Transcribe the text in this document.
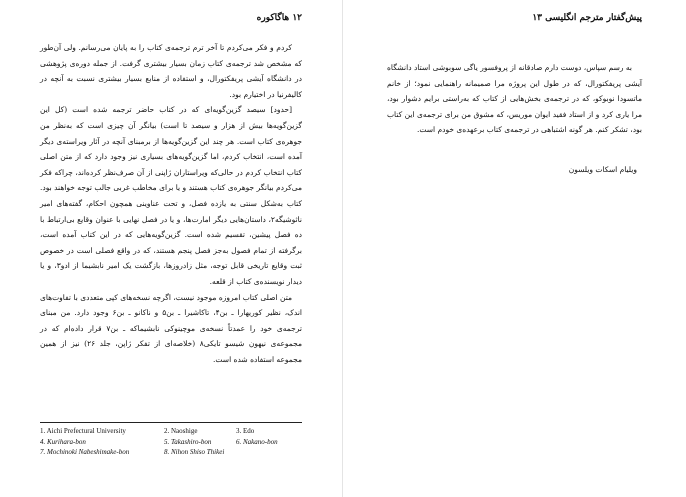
۱۲ هاگاکوره

کردم و فکر می‌کردم تا آخر ترم ترجمه‌ی کتاب را به پایان می‌رسانم. ولی آن‌طور که مشخص شد ترجمه‌ی کتاب زمان بسیار بیشتری گرفت. از جمله دوره‌ی پژوهشی در دانشگاه آیشی پریفکتورال، و استفاده از منابع بسیار بیشتری نسبت به آنچه در کالیفرنیا در اختیارم بود.

[حدود] سیصد گزین‌گویه‌ای که در کتاب حاضر ترجمه شده است (کل این گزین‌گویه‌ها بیش از هزار و سیصد تا است) بیانگر آن چیزی است که به‌نظر من جوهره‌ی کتاب است. هر چند این گزین‌گویه‌ها از برمبنای آنچه در آثار ویراسته‌ی دیگر آمده است، انتخاب کردم، اما گزین‌گویه‌های بسیاری نیز وجود دارد که از متن اصلی کتاب انتخاب کردم در حالی‌که ویراستاران ژاپنی از آن صرف‌نظر کرده‌اند، چراکه فکر می‌کردم بیانگر جوهره‌ی کتاب هستند و یا برای مخاطب غربی جالب توجه خواهند بود. کتاب به‌شکل سنتی به یازده فصل، و تحت عناوینی همچون احکام، گفته‌های امیر ناثوشیگه۲، داستان‌هایی دیگر امارت‌ها، و یا در فصل نهایی با عنوان وقایع بی‌ارتباط با ده فصل پیشین، تقسیم شده است. گزین‌گویه‌هایی که در این کتاب آمده است، برگرفته از تمام فصول به‌جز فصل پنجم هستند، که در واقع فصلی است در خصوص ثبت وقایع تاریخی قابل توجه، مثل زادروزها، بازگشت یک امیر نابشیما از ادو۳، و یا دیدار نویسنده‌ی کتاب از قلعه.

متن اصلی کتاب امروزه موجود نیست، اگرچه نسخه‌های کپی متعددی با تفاوت‌های اندک، نظیر کوریهارا ـ بن۴، تاکاشیرا ـ بن۵ و ناکانو ـ بن۶ وجود دارد. من مبنای ترجمه‌ی خود را عمدتاً نسخه‌ی موچینوکی نابشیماکه ـ بن۷ قرار داده‌ام که در مجموعه‌ی نیهون شیسو تایکی۸ (خلاصه‌ای از تفکر ژاپن، جلد ۲۶) نیز از همین مجموعه استفاده شده است.

1. Aichi Prefectural University	2. Naoshige	3. Edo
4. Kurihara-bon	5. Takashiro-bon	6. Nakano-bon
7. Mochinoki Nabeshimake-bon	8. Nihon Shiso Thikei
پیش‌گفتار مترجم انگلیسی ۱۳

به رسم سپاس، دوست دارم صادقانه از پروفسور یاگی سوبوشی استاد دانشگاه آیشی پریفکتورال، که در طول این پروژه مرا صمیمانه راهنمایی نمود؛ از خانم ماتسودا نوبوکو، که در ترجمه‌ی بخش‌هایی از کتاب که به‌راستی برایم دشوار بود، مرا یاری کرد و از استاد فقید ایوان موریس، که مشوق من برای ترجمه‌ی این کتاب بود، تشکر کنم. هر گونه اشتباهی در ترجمه‌ی کتاب برعهده‌ی خودم است.

ویلیام اسکات ویلسون
